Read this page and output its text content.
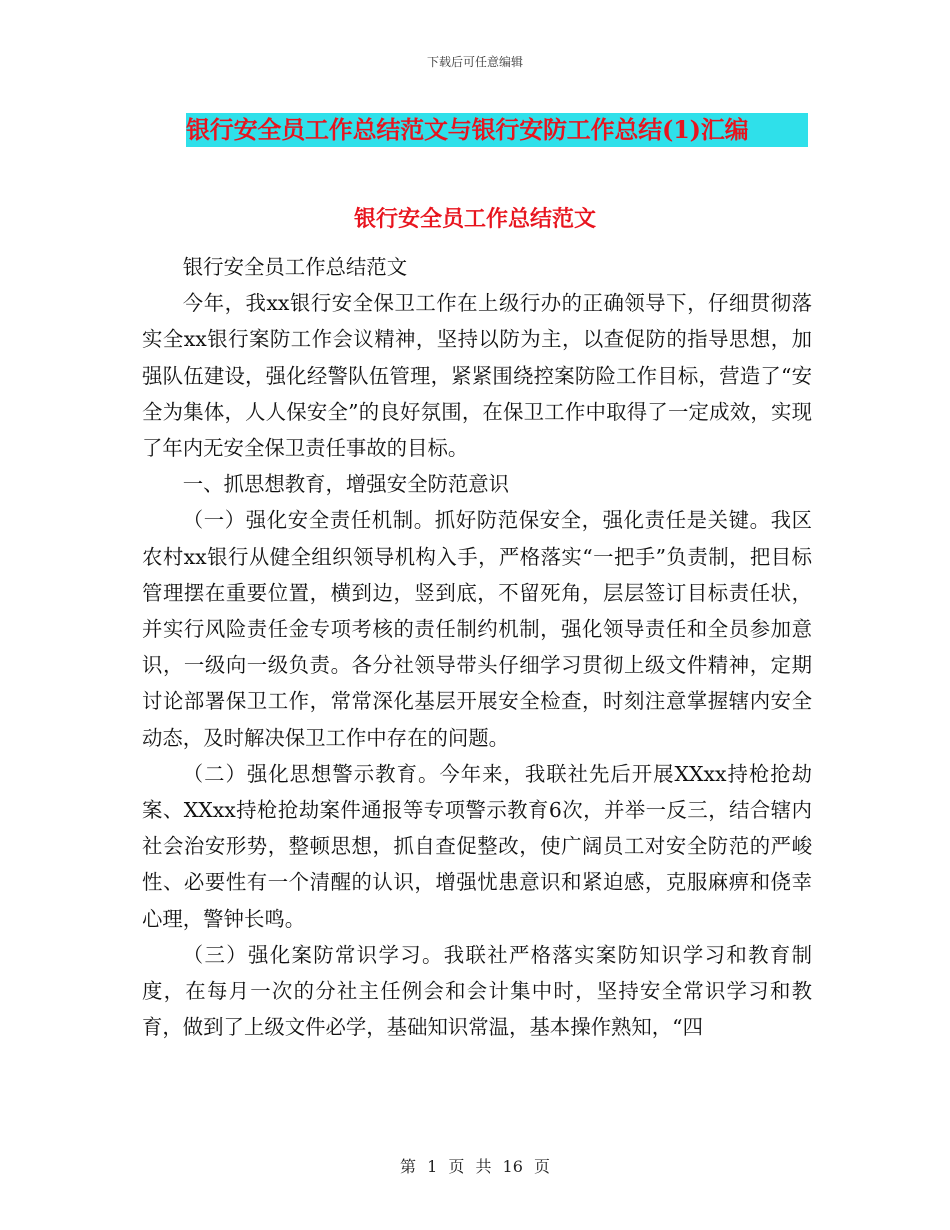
下载后可任意编辑
银行安全员工作总结范文与银行安防工作总结(1)汇编
银行安全员工作总结范文

银行安全员工作总结范文

今年，我xx银行安全保卫工作在上级行办的正确领导下，仔细贯彻落实全xx银行案防工作会议精神，坚持以防为主，以查促防的指导思想，加强队伍建设，强化经警队伍管理，紧紧围绕控案防险工作目标，营造了“安全为集体，人人保安全”的良好氛围，在保卫工作中取得了一定成效，实现了年内无安全保卫责任事故的目标。

一、抓思想教育，增强安全防范意识

（一）强化安全责任机制。抓好防范保安全，强化责任是关键。我区农村xx银行从健全组织领导机构入手，严格落实“一把手”负责制，把目标管理摆在重要位置，横到边，竖到底，不留死角，层层签订目标责任状，并实行风险责任金专项考核的责任制约机制，强化领导责任和全员参加意识，一级向一级负责。各分社领导带头仔细学习贯彻上级文件精神，定期讨论部署保卫工作，常常深化基层开展安全检查，时刻注意掌握辖内安全动态，及时解决保卫工作中存在的问题。

（二）强化思想警示教育。今年来，我联社先后开展XXxx持枪抢劫案、XXxx持枪抢劫案件通报等专项警示教育6次，并举一反三，结合辖内社会治安形势，整顿思想，抓自查促整改，使广阔员工对安全防范的严峻性、必要性有一个清醒的认识，增强忧患意识和紧迫感，克服麻痹和侥幸心理，警钟长鸣。

（三）强化案防常识学习。我联社严格落实案防知识学习和教育制度，在每月一次的分社主任例会和会计集中时，坚持安全常识学习和教育，做到了上级文件必学，基础知识常温，基本操作熟知，“四

第 1 页 共 16 页
